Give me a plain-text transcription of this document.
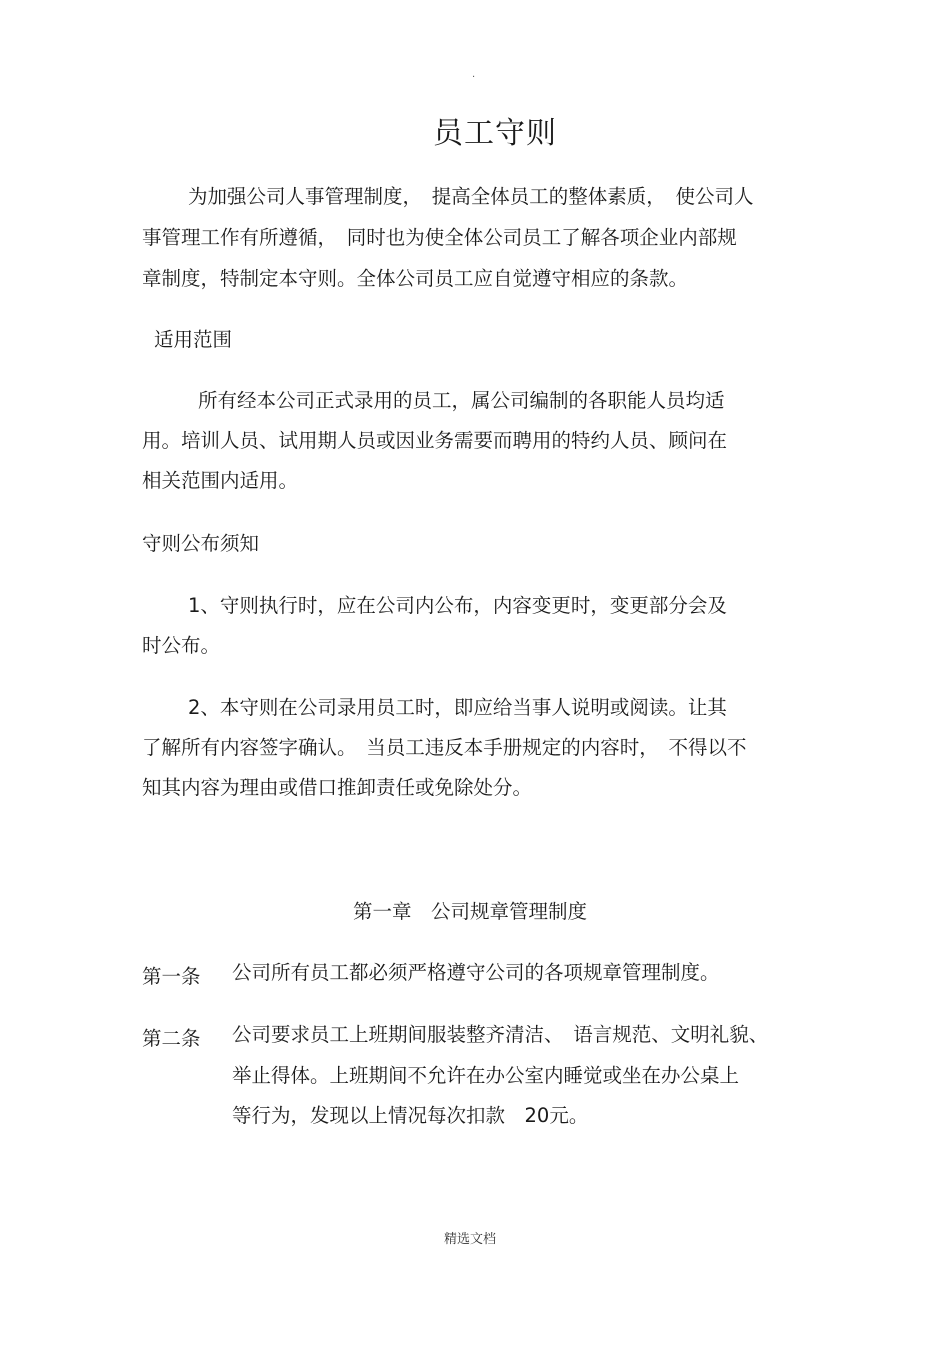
·
员工守则
为加强公司人事管理制度，　提高全体员工的整体素质，　使公司人
事管理工作有所遵循，　同时也为使全体公司员工了解各项企业内部规
章制度，特制定本守则。全体公司员工应自觉遵守相应的条款。
适用范围
所有经本公司正式录用的员工，属公司编制的各职能人员均适
用。培训人员、试用期人员或因业务需要而聘用的特约人员、顾问在
相关范围内适用。
守则公布须知
1、守则执行时，应在公司内公布，内容变更时，变更部分会及
时公布。
2、本守则在公司录用员工时，即应给当事人说明或阅读。让其
了解所有内容签字确认。　当员工违反本手册规定的内容时，　不得以不
知其内容为理由或借口推卸责任或免除处分。
第一章　公司规章管理制度
第一条 公司所有员工都必须严格遵守公司的各项规章管理制度。
第二条 公司要求员工上班期间服装整齐清洁、　语言规范、文明礼貌、
举止得体。上班期间不允许在办公室内睡觉或坐在办公桌上
等行为，发现以上情况每次扣款　20元。
精选文档
